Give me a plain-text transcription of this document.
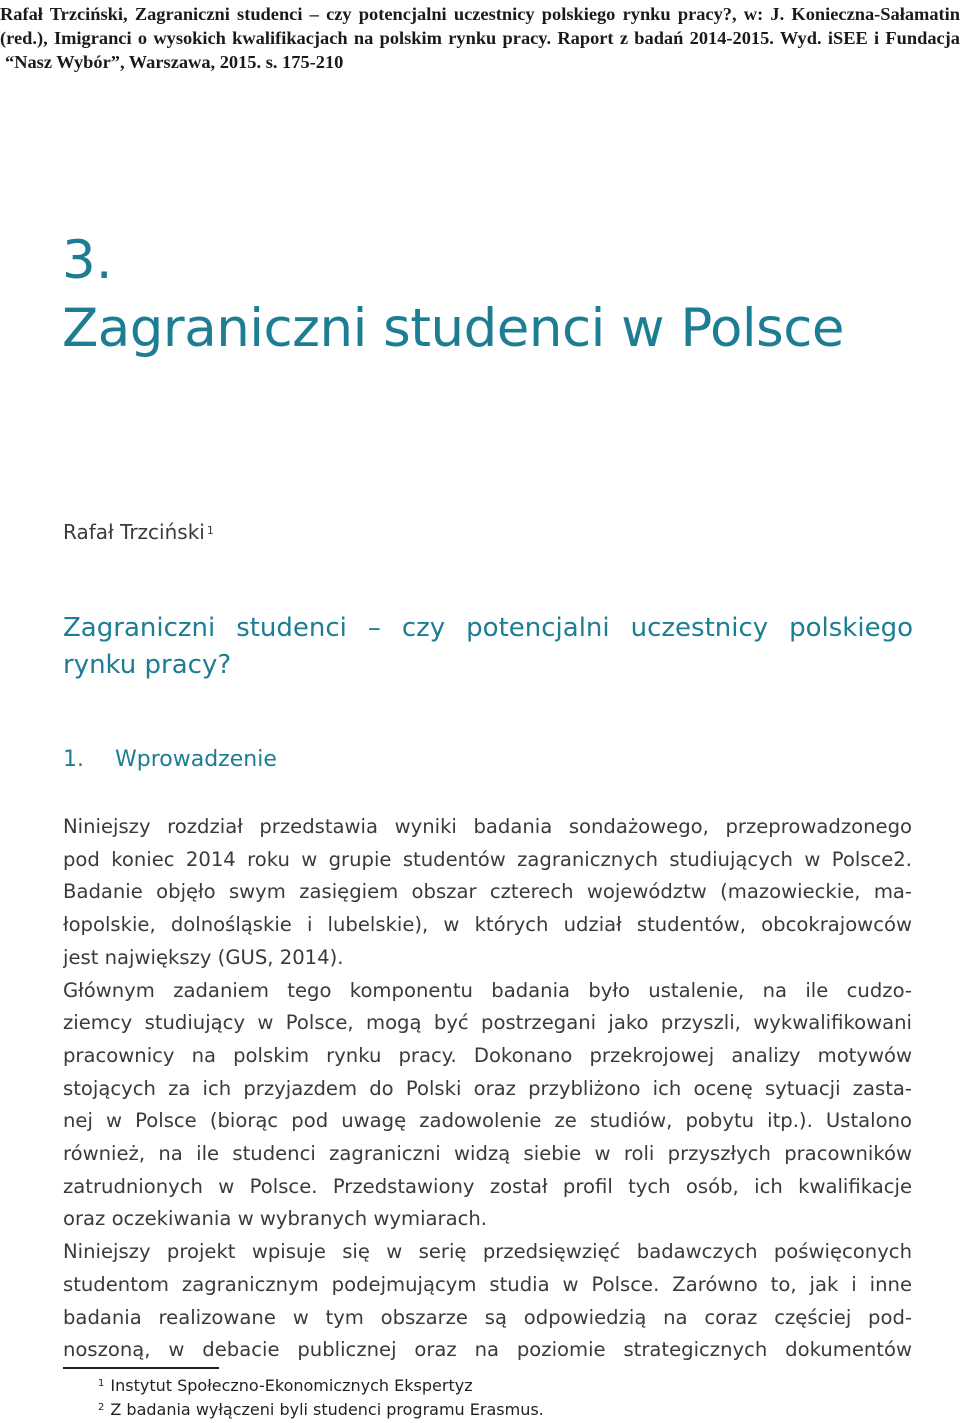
Rafał Trzciński, Zagraniczni studenci – czy potencjalni uczestnicy polskiego rynku pracy?, w: J. Konieczna-Sałamatin
(red.), Imigranci o wysokich kwalifikacjach na polskim rynku pracy. Raport z badań 2014-2015. Wyd. iSEE i Fundacja
“Nasz Wybór”, Warszawa, 2015. s. 175-210
3.
Zagraniczni studenci w Polsce
Rafał Trzciński $^1$
Zagraniczni studenci – czy potencjalni uczestnicy polskiego
rynku pracy?
1. Wprowadzenie
Niniejszy rozdział przedstawia wyniki badania sondażowego, przeprowadzonego
pod koniec 2014 roku w grupie studentów zagranicznych studiujących w Polsce2.
Badanie objęło swym zasięgiem obszar czterech województw (mazowieckie, ma-
łopolskie, dolnośląskie i lubelskie), w których udział studentów, obcokrajowców
jest największy (GUS, 2014).
Głównym zadaniem tego komponentu badania było ustalenie, na ile cudzo-
ziemcy studiujący w Polsce, mogą być postrzegani jako przyszli, wykwalifikowani
pracownicy na polskim rynku pracy. Dokonano przekrojowej analizy motywów
stojących za ich przyjazdem do Polski oraz przybliżono ich ocenę sytuacji zasta-
nej w Polsce (biorąc pod uwagę zadowolenie ze studiów, pobytu itp.). Ustalono
również, na ile studenci zagraniczni widzą siebie w roli przyszłych pracowników
zatrudnionych w Polsce. Przedstawiony został profil tych osób, ich kwalifikacje
oraz oczekiwania w wybranych wymiarach.
Niniejszy projekt wpisuje się w serię przedsięwzięć badawczych poświęconych
studentom zagranicznym podejmującym studia w Polsce. Zarówno to, jak i inne
badania realizowane w tym obszarze są odpowiedzią na coraz częściej pod-
noszoną, w debacie publicznej oraz na poziomie strategicznych dokumentów
$^1$ Instytut Społeczno-Ekonomicznych Ekspertyz
$^2$ Z badania wyłączeni byli studenci programu Erasmus.
